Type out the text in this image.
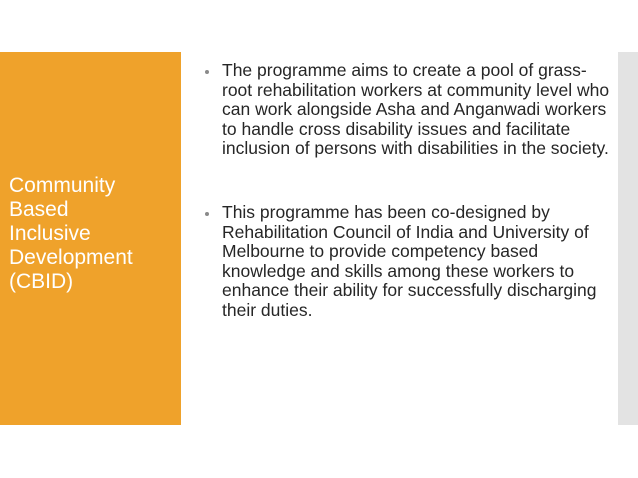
Community
Based
Inclusive
Development
(CBID)
The programme aims to create a pool of grass-root rehabilitation workers at community level who can work alongside Asha and Anganwadi workers to handle cross disability issues and facilitate inclusion of persons with disabilities in the society.
This programme has been co-designed by Rehabilitation Council of India and University of Melbourne to provide competency based knowledge and skills among these workers to enhance their ability for successfully discharging their duties.
